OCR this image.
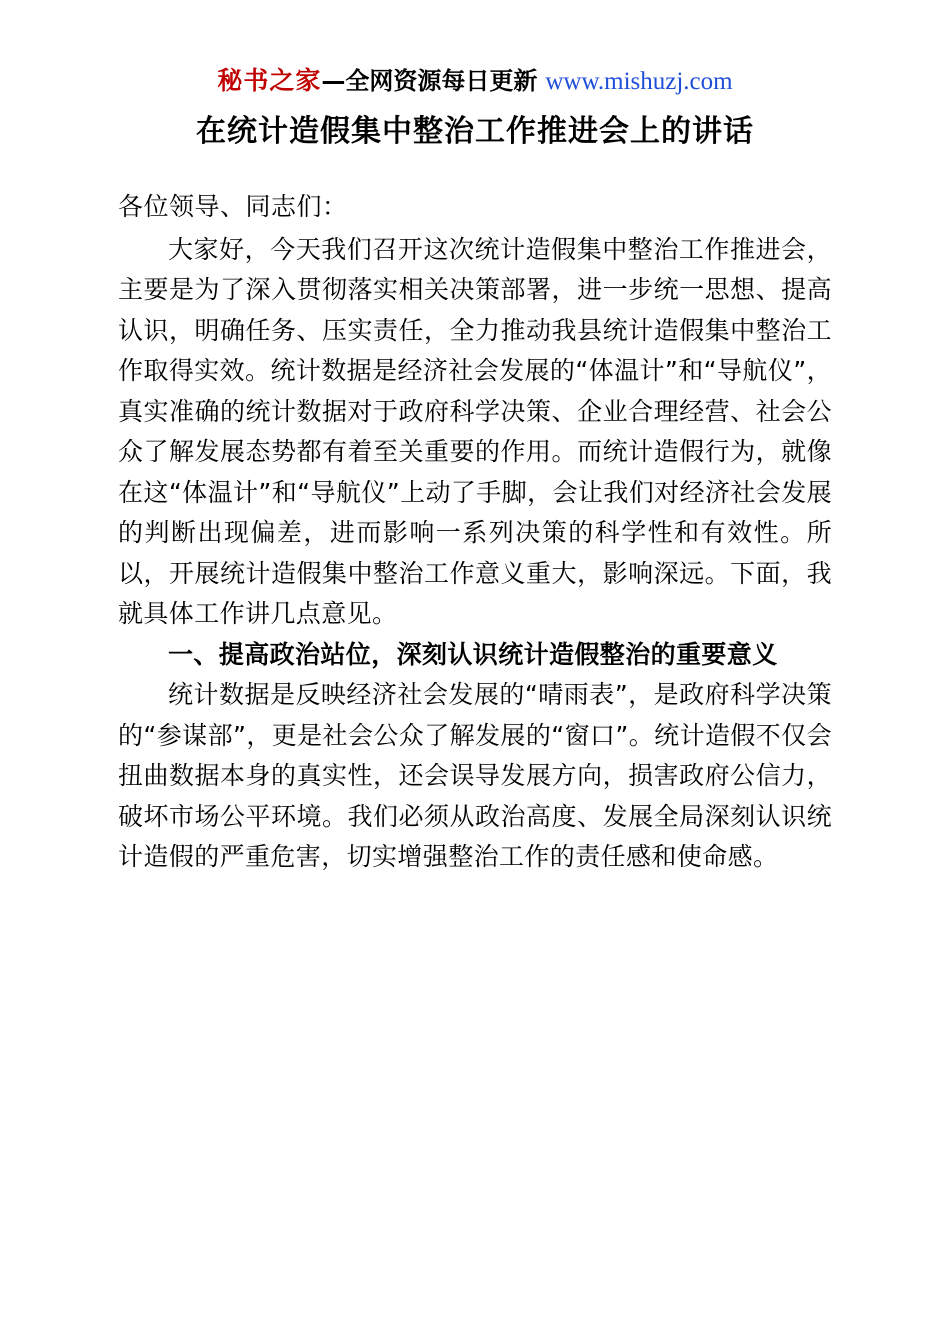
秘书之家—全网资源每日更新 www.mishuzj.com
在统计造假集中整治工作推进会上的讲话
各位领导、同志们：

大家好，今天我们召开这次统计造假集中整治工作推进会，主要是为了深入贯彻落实相关决策部署，进一步统一思想、提高认识，明确任务、压实责任，全力推动我县统计造假集中整治工作取得实效。统计数据是经济社会发展的“体温计”和“导航仪”，真实准确的统计数据对于政府科学决策、企业合理经营、社会公众了解发展态势都有着至关重要的作用。而统计造假行为，就像在这“体温计”和“导航仪”上动了手脚，会让我们对经济社会发展的判断出现偏差，进而影响一系列决策的科学性和有效性。所以，开展统计造假集中整治工作意义重大，影响深远。下面，我就具体工作讲几点意见。

一、提高政治站位，深刻认识统计造假整治的重要意义

统计数据是反映经济社会发展的“晴雨表”，是政府科学决策的“参谋部”，更是社会公众了解发展的“窗口”。统计造假不仅会扭曲数据本身的真实性，还会误导发展方向，损害政府公信力，破坏市场公平环境。我们必须从政治高度、发展全局深刻认识统计造假的严重危害，切实增强整治工作的责任感和使命感。
